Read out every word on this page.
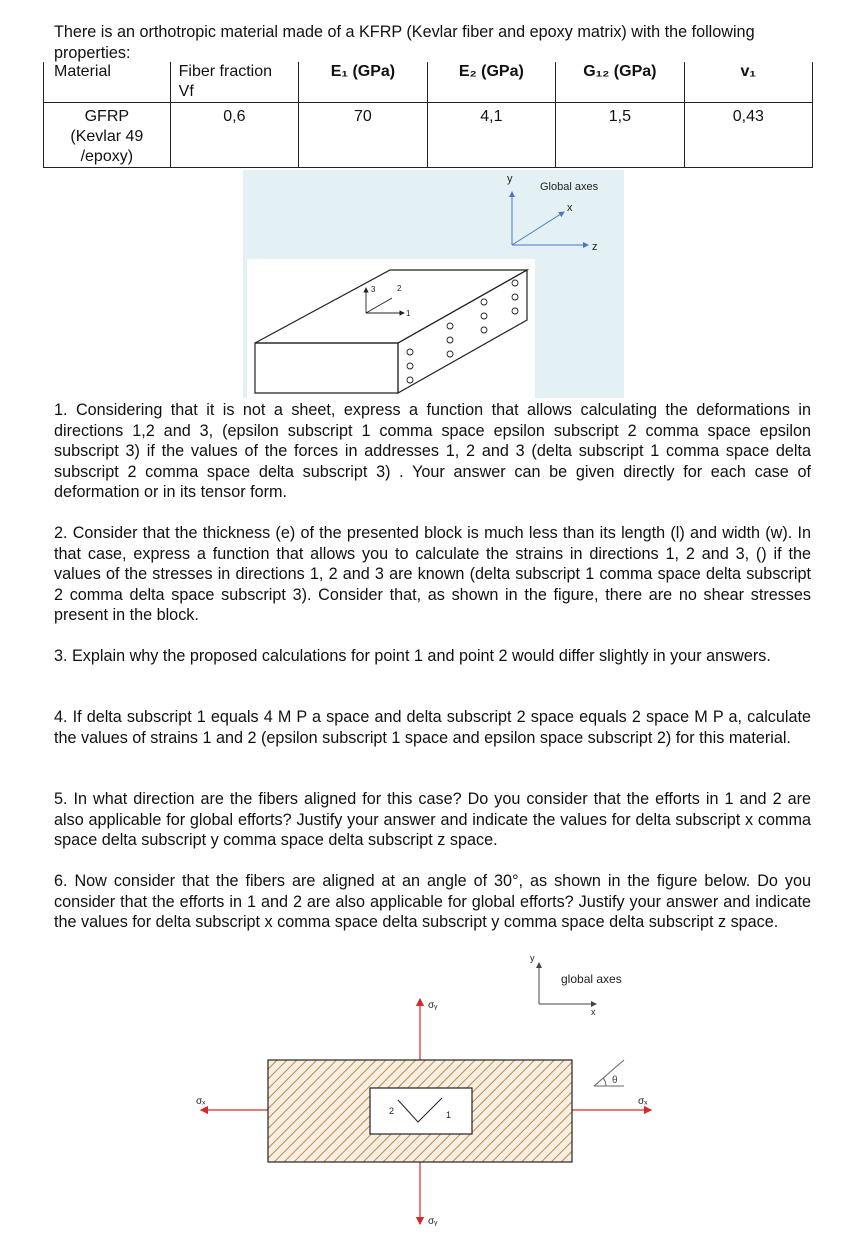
There is an orthotropic material made of a KFRP (Kevlar fiber and epoxy matrix) with the following properties:
Material	Fiber fraction Vf	E₁ (GPa)	E₂ (GPa)	G₁₂ (GPa)	v₁
GFRP (Kevlar 49 /epoxy)	0,6	70	4,1	1,5	0,43
y
Global axes
x
z
3	2
1
1. Considering that it is not a sheet, express a function that allows calculating the deformations in directions 1,2 and 3, (epsilon subscript 1 comma space epsilon subscript 2 comma space epsilon subscript 3) if the values of the forces in addresses 1, 2 and 3 (delta subscript 1 comma space delta subscript 2 comma space delta subscript 3) . Your answer can be given directly for each case of deformation or in its tensor form.
2. Consider that the thickness (e) of the presented block is much less than its length (l) and width (w). In that case, express a function that allows you to calculate the strains in directions 1, 2 and 3, () if the values of the stresses in directions 1, 2 and 3 are known (delta subscript 1 comma space delta subscript 2 comma delta space subscript 3). Consider that, as shown in the figure, there are no shear stresses present in the block.
3. Explain why the proposed calculations for point 1 and point 2 would differ slightly in your answers.
4. If delta subscript 1 equals 4 M P a space and delta subscript 2 space equals 2 space M P a, calculate the values of strains 1 and 2 (epsilon subscript 1 space and epsilon space subscript 2) for this material.
5. In what direction are the fibers aligned for this case? Do you consider that the efforts in 1 and 2 are also applicable for global efforts? Justify your answer and indicate the values for delta subscript x comma space delta subscript y comma space delta subscript z space.
6. Now consider that the fibers are aligned at an angle of 30°, as shown in the figure below. Do you consider that the efforts in 1 and 2 are also applicable for global efforts? Justify your answer and indicate the values for delta subscript x comma space delta subscript y comma space delta subscript z space.
y
x
global axes
σᵧ
σᵧ
σₓ	σₓ
2	1
θ
